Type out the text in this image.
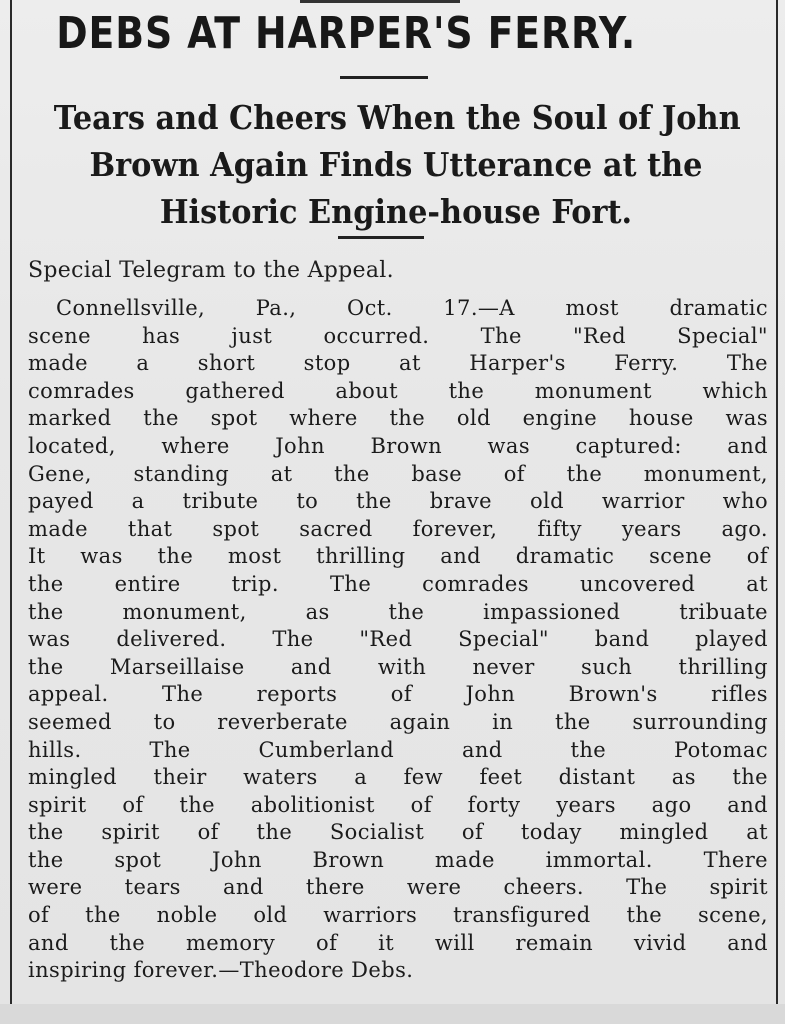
DEBS AT HARPER'S FERRY.
Tears and Cheers When the Soul of John
Brown Again Finds Utterance at the
Historic Engine-house Fort.

Special Telegram to the Appeal.

Connellsville, Pa., Oct. 17.—A most dramatic
scene has just occurred. The "Red Special"
made a short stop at Harper's Ferry. The
comrades gathered about the monument which
marked the spot where the old engine house was
located, where John Brown was captured: and
Gene, standing at the base of the monument,
payed a tribute to the brave old warrior who
made that spot sacred forever, fifty years ago.
It was the most thrilling and dramatic scene of
the entire trip. The comrades uncovered at
the monument, as the impassioned tribuate
was delivered. The "Red Special" band played
the Marseillaise and with never such thrilling
appeal. The reports of John Brown's rifles
seemed to reverberate again in the surrounding
hills. The Cumberland and the Potomac
mingled their waters a few feet distant as the
spirit of the abolitionist of forty years ago and
the spirit of the Socialist of today mingled at
the spot John Brown made immortal. There
were tears and there were cheers. The spirit
of the noble old warriors transfigured the scene,
and the memory of it will remain vivid and
inspiring forever.—Theodore Debs.
